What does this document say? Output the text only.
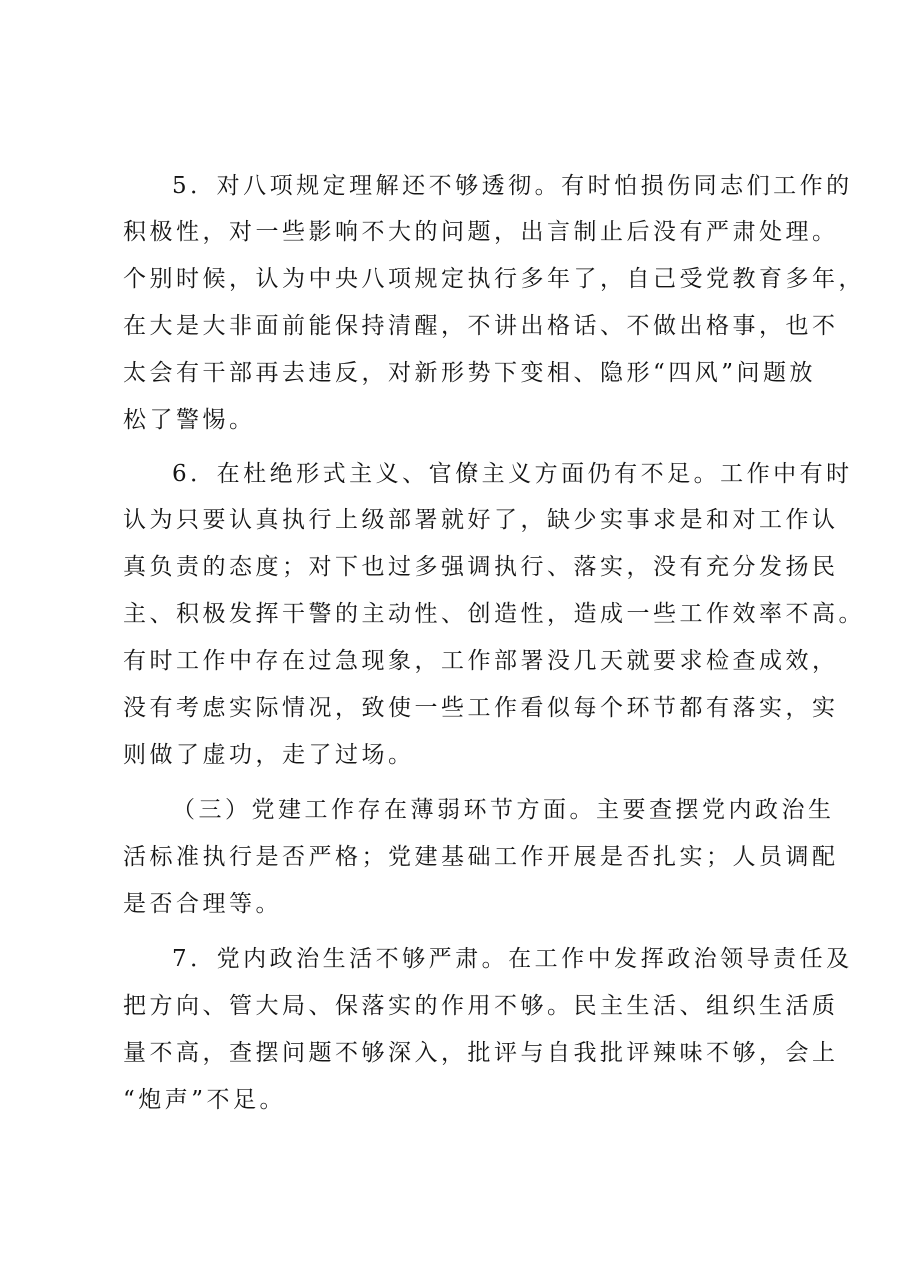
5．对八项规定理解还不够透彻。有时怕损伤同志们工作的
积极性，对一些影响不大的问题，出言制止后没有严肃处理。
个别时候，认为中央八项规定执行多年了，自己受党教育多年，
在大是大非面前能保持清醒，不讲出格话、不做出格事，也不
太会有干部再去违反，对新形势下变相、隐形“四风”问题放
松了警惕。
6．在杜绝形式主义、官僚主义方面仍有不足。工作中有时
认为只要认真执行上级部署就好了，缺少实事求是和对工作认
真负责的态度；对下也过多强调执行、落实，没有充分发扬民
主、积极发挥干警的主动性、创造性，造成一些工作效率不高。
有时工作中存在过急现象，工作部署没几天就要求检查成效，
没有考虑实际情况，致使一些工作看似每个环节都有落实，实
则做了虚功，走了过场。
（三）党建工作存在薄弱环节方面。主要查摆党内政治生
活标准执行是否严格；党建基础工作开展是否扎实；人员调配
是否合理等。
7．党内政治生活不够严肃。在工作中发挥政治领导责任及
把方向、管大局、保落实的作用不够。民主生活、组织生活质
量不高，查摆问题不够深入，批评与自我批评辣味不够，会上
“炮声”不足。
